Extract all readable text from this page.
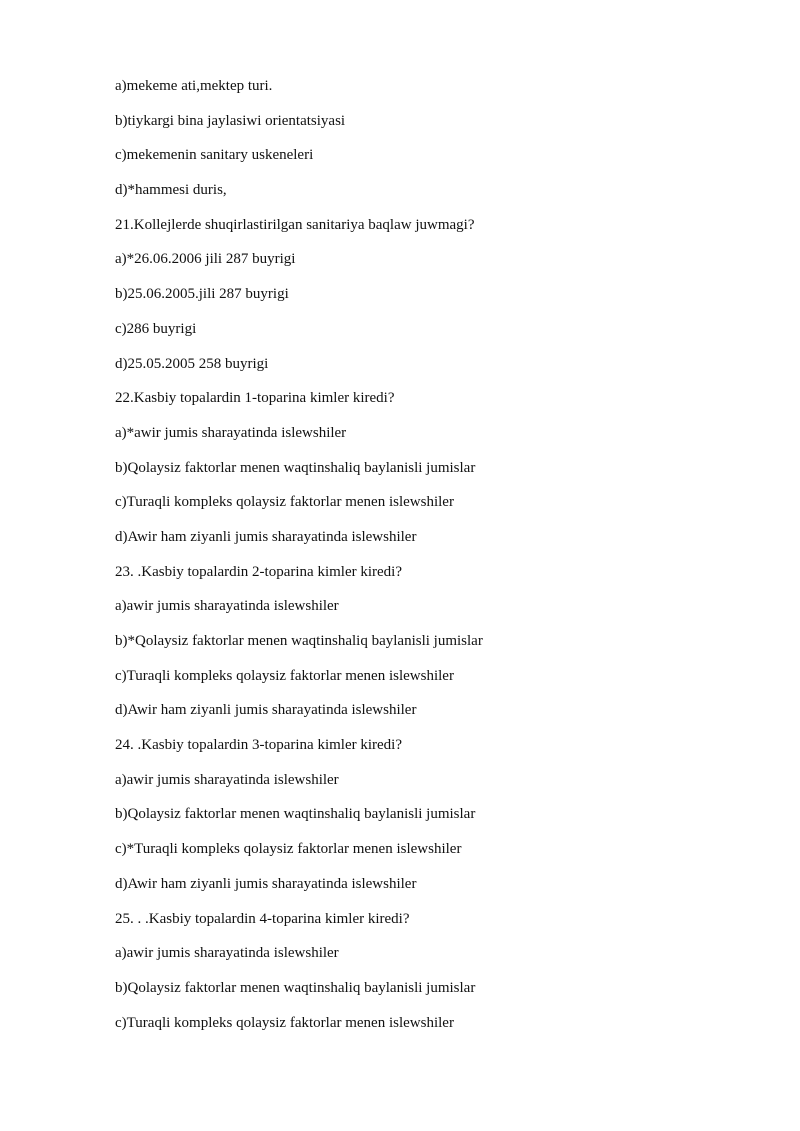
a)mekeme ati,mektep turi.
b)tiykargi bina jaylasiwi orientatsiyasi
c)mekemenin sanitary uskeneleri
d)*hammesi duris,
21.Kollejlerde shuqirlastirilgan sanitariya baqlaw juwmagi?
a)*26.06.2006 jili 287 buyrigi
b)25.06.2005.jili 287 buyrigi
c)286 buyrigi
d)25.05.2005 258 buyrigi
22.Kasbiy topalardin 1-toparina kimler kiredi?
a)*awir jumis sharayatinda islewshiler
b)Qolaysiz faktorlar menen waqtinshaliq baylanisli jumislar
c)Turaqli kompleks qolaysiz faktorlar menen islewshiler
d)Awir ham ziyanli jumis sharayatinda islewshiler
23. .Kasbiy topalardin 2-toparina kimler kiredi?
a)awir jumis sharayatinda islewshiler
b)*Qolaysiz faktorlar menen waqtinshaliq baylanisli jumislar
c)Turaqli kompleks qolaysiz faktorlar menen islewshiler
d)Awir ham ziyanli jumis sharayatinda islewshiler
24. .Kasbiy topalardin 3-toparina kimler kiredi?
a)awir jumis sharayatinda islewshiler
b)Qolaysiz faktorlar menen waqtinshaliq baylanisli jumislar
c)*Turaqli kompleks qolaysiz faktorlar menen islewshiler
d)Awir ham ziyanli jumis sharayatinda islewshiler
25. . .Kasbiy topalardin 4-toparina kimler kiredi?
a)awir jumis sharayatinda islewshiler
b)Qolaysiz faktorlar menen waqtinshaliq baylanisli jumislar
c)Turaqli kompleks qolaysiz faktorlar menen islewshiler
